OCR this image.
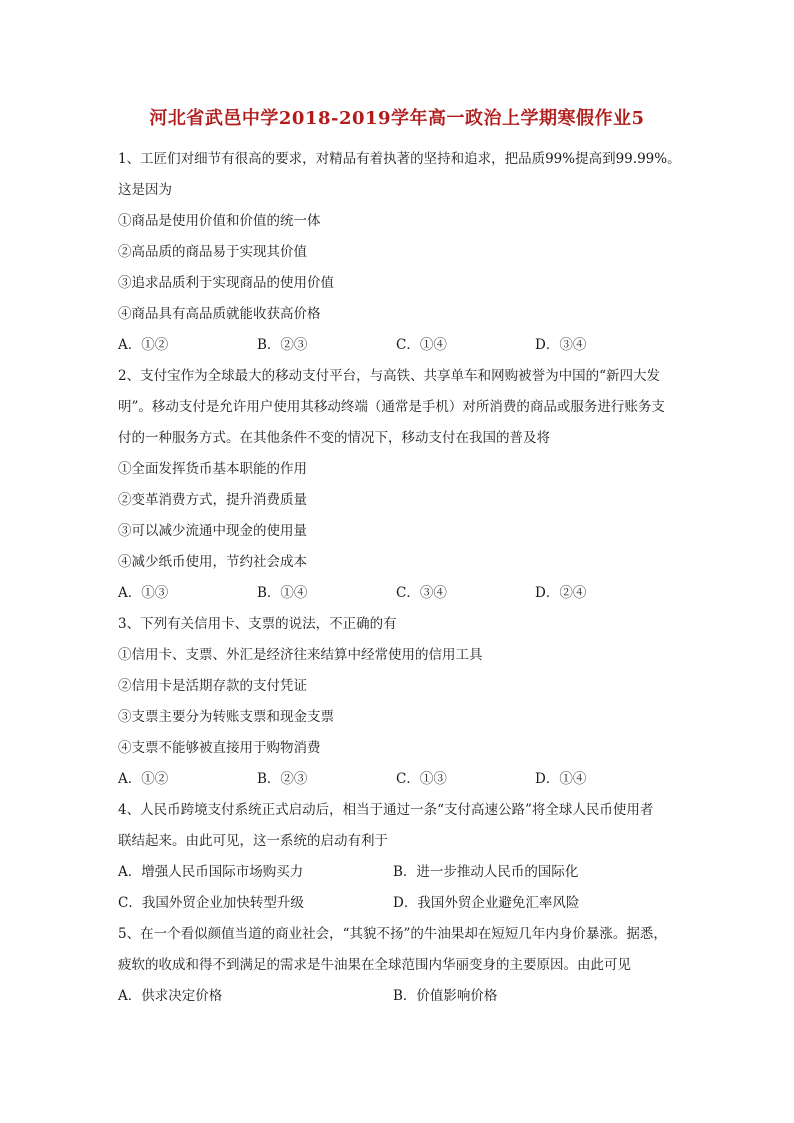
河北省武邑中学2018-2019学年高一政治上学期寒假作业5
1、工匠们对细节有很高的要求，对精品有着执著的坚持和追求，把品质99%提高到99.99%。
这是因为
①商品是使用价值和价值的统一体
②高品质的商品易于实现其价值
③追求品质利于实现商品的使用价值
④商品具有高品质就能收获高价格
A．①②	B．②③	C．①④	D．③④
2、支付宝作为全球最大的移动支付平台，与高铁、共享单车和网购被誉为中国的“新四大发
明”。移动支付是允许用户使用其移动终端（通常是手机）对所消费的商品或服务进行账务支
付的一种服务方式。在其他条件不变的情况下，移动支付在我国的普及将
①全面发挥货币基本职能的作用
②变革消费方式，提升消费质量
③可以减少流通中现金的使用量
④减少纸币使用，节约社会成本
A．①③	B．①④	C．③④	D．②④
3、下列有关信用卡、支票的说法，不正确的有
①信用卡、支票、外汇是经济往来结算中经常使用的信用工具
②信用卡是活期存款的支付凭证
③支票主要分为转账支票和现金支票
④支票不能够被直接用于购物消费
A．①②	B．②③	C．①③	D．①④
4、人民币跨境支付系统正式启动后，相当于通过一条“支付高速公路”将全球人民币使用者
联结起来。由此可见，这一系统的启动有利于
A．增强人民币国际市场购买力	B．进一步推动人民币的国际化
C．我国外贸企业加快转型升级	D．我国外贸企业避免汇率风险
5、在一个看似颜值当道的商业社会，“其貌不扬”的牛油果却在短短几年内身价暴涨。据悉，
疲软的收成和得不到满足的需求是牛油果在全球范围内华丽变身的主要原因。由此可见
A．供求决定价格	B．价值影响价格
